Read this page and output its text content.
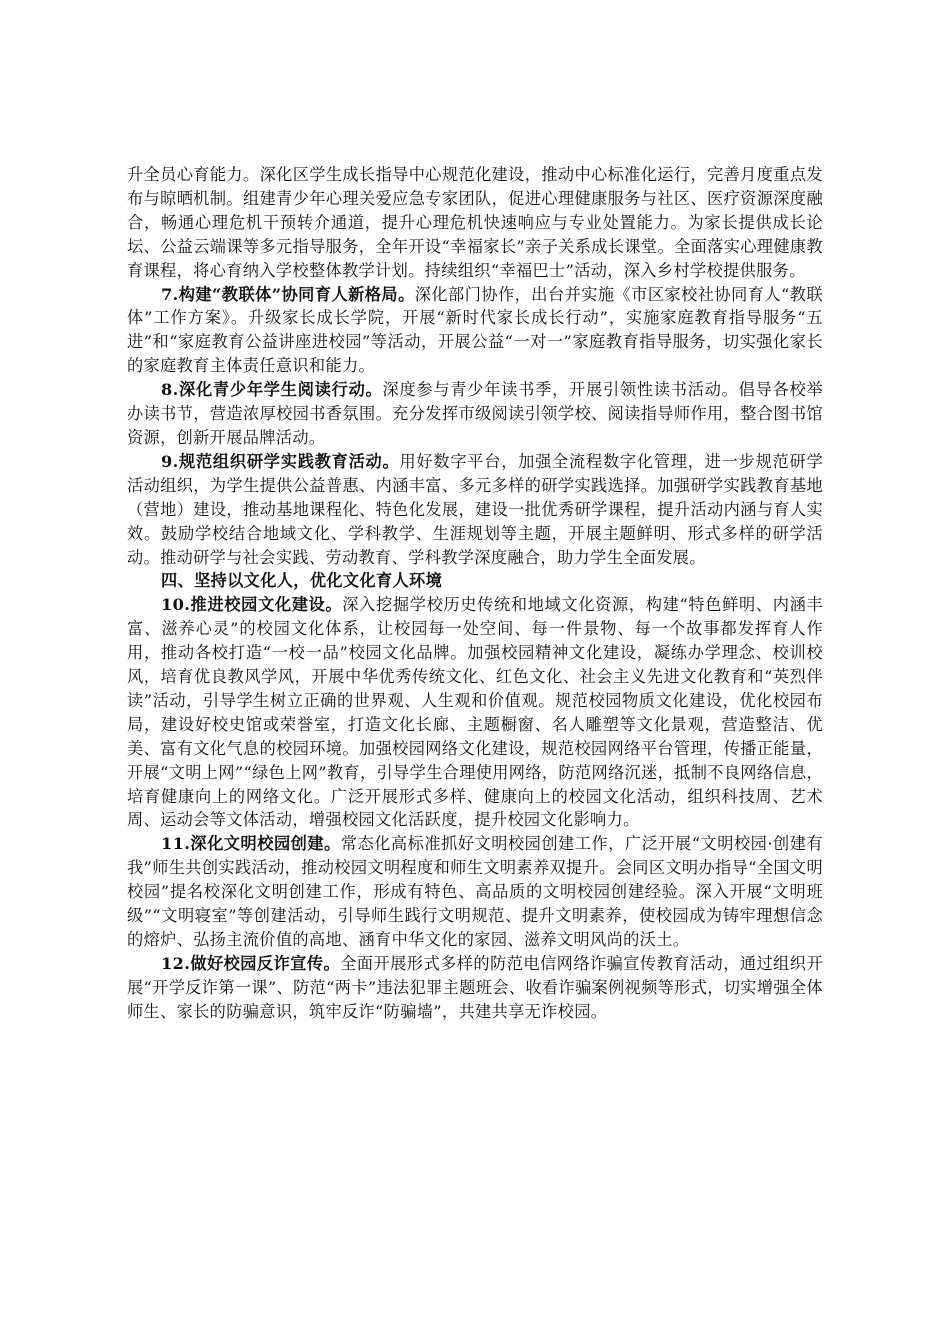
升全员心育能力。深化区学生成长指导中心规范化建设，推动中心标准化运行，完善月度重点发布与晾晒机制。组建青少年心理关爱应急专家团队，促进心理健康服务与社区、医疗资源深度融合，畅通心理危机干预转介通道，提升心理危机快速响应与专业处置能力。为家长提供成长论坛、公益云端课等多元指导服务，全年开设“幸福家长”亲子关系成长课堂。全面落实心理健康教育课程，将心育纳入学校整体教学计划。持续组织“幸福巴士”活动，深入乡村学校提供服务。

7.构建“教联体”协同育人新格局。深化部门协作，出台并实施《市区家校社协同育人“教联体”工作方案》。升级家长成长学院，开展“新时代家长成长行动”，实施家庭教育指导服务“五进”和“家庭教育公益讲座进校园”等活动，开展公益“一对一”家庭教育指导服务，切实强化家长的家庭教育主体责任意识和能力。

8.深化青少年学生阅读行动。深度参与青少年读书季，开展引领性读书活动。倡导各校举办读书节，营造浓厚校园书香氛围。充分发挥市级阅读引领学校、阅读指导师作用，整合图书馆资源，创新开展品牌活动。

9.规范组织研学实践教育活动。用好数字平台，加强全流程数字化管理，进一步规范研学活动组织，为学生提供公益普惠、内涵丰富、多元多样的研学实践选择。加强研学实践教育基地（营地）建设，推动基地课程化、特色化发展，建设一批优秀研学课程，提升活动内涵与育人实效。鼓励学校结合地域文化、学科教学、生涯规划等主题，开展主题鲜明、形式多样的研学活动。推动研学与社会实践、劳动教育、学科教学深度融合，助力学生全面发展。

四、坚持以文化人，优化文化育人环境

10.推进校园文化建设。深入挖掘学校历史传统和地域文化资源，构建“特色鲜明、内涵丰富、滋养心灵”的校园文化体系，让校园每一处空间、每一件景物、每一个故事都发挥育人作用，推动各校打造“一校一品”校园文化品牌。加强校园精神文化建设，凝练办学理念、校训校风，培育优良教风学风，开展中华优秀传统文化、红色文化、社会主义先进文化教育和“英烈伴读”活动，引导学生树立正确的世界观、人生观和价值观。规范校园物质文化建设，优化校园布局，建设好校史馆或荣誉室，打造文化长廊、主题橱窗、名人雕塑等文化景观，营造整洁、优美、富有文化气息的校园环境。加强校园网络文化建设，规范校园网络平台管理，传播正能量，开展“文明上网”“绿色上网”教育，引导学生合理使用网络，防范网络沉迷，抵制不良网络信息，培育健康向上的网络文化。广泛开展形式多样、健康向上的校园文化活动，组织科技周、艺术周、运动会等文体活动，增强校园文化活跃度，提升校园文化影响力。

11.深化文明校园创建。常态化高标准抓好文明校园创建工作，广泛开展“文明校园·创建有我”师生共创实践活动，推动校园文明程度和师生文明素养双提升。会同区文明办指导“全国文明校园”提名校深化文明创建工作，形成有特色、高品质的文明校园创建经验。深入开展“文明班级”“文明寝室”等创建活动，引导师生践行文明规范、提升文明素养，使校园成为铸牢理想信念的熔炉、弘扬主流价值的高地、涵育中华文化的家园、滋养文明风尚的沃土。

12.做好校园反诈宣传。全面开展形式多样的防范电信网络诈骗宣传教育活动，通过组织开展“开学反诈第一课”、防范“两卡”违法犯罪主题班会、收看诈骗案例视频等形式，切实增强全体师生、家长的防骗意识，筑牢反诈“防骗墙”，共建共享无诈校园。
